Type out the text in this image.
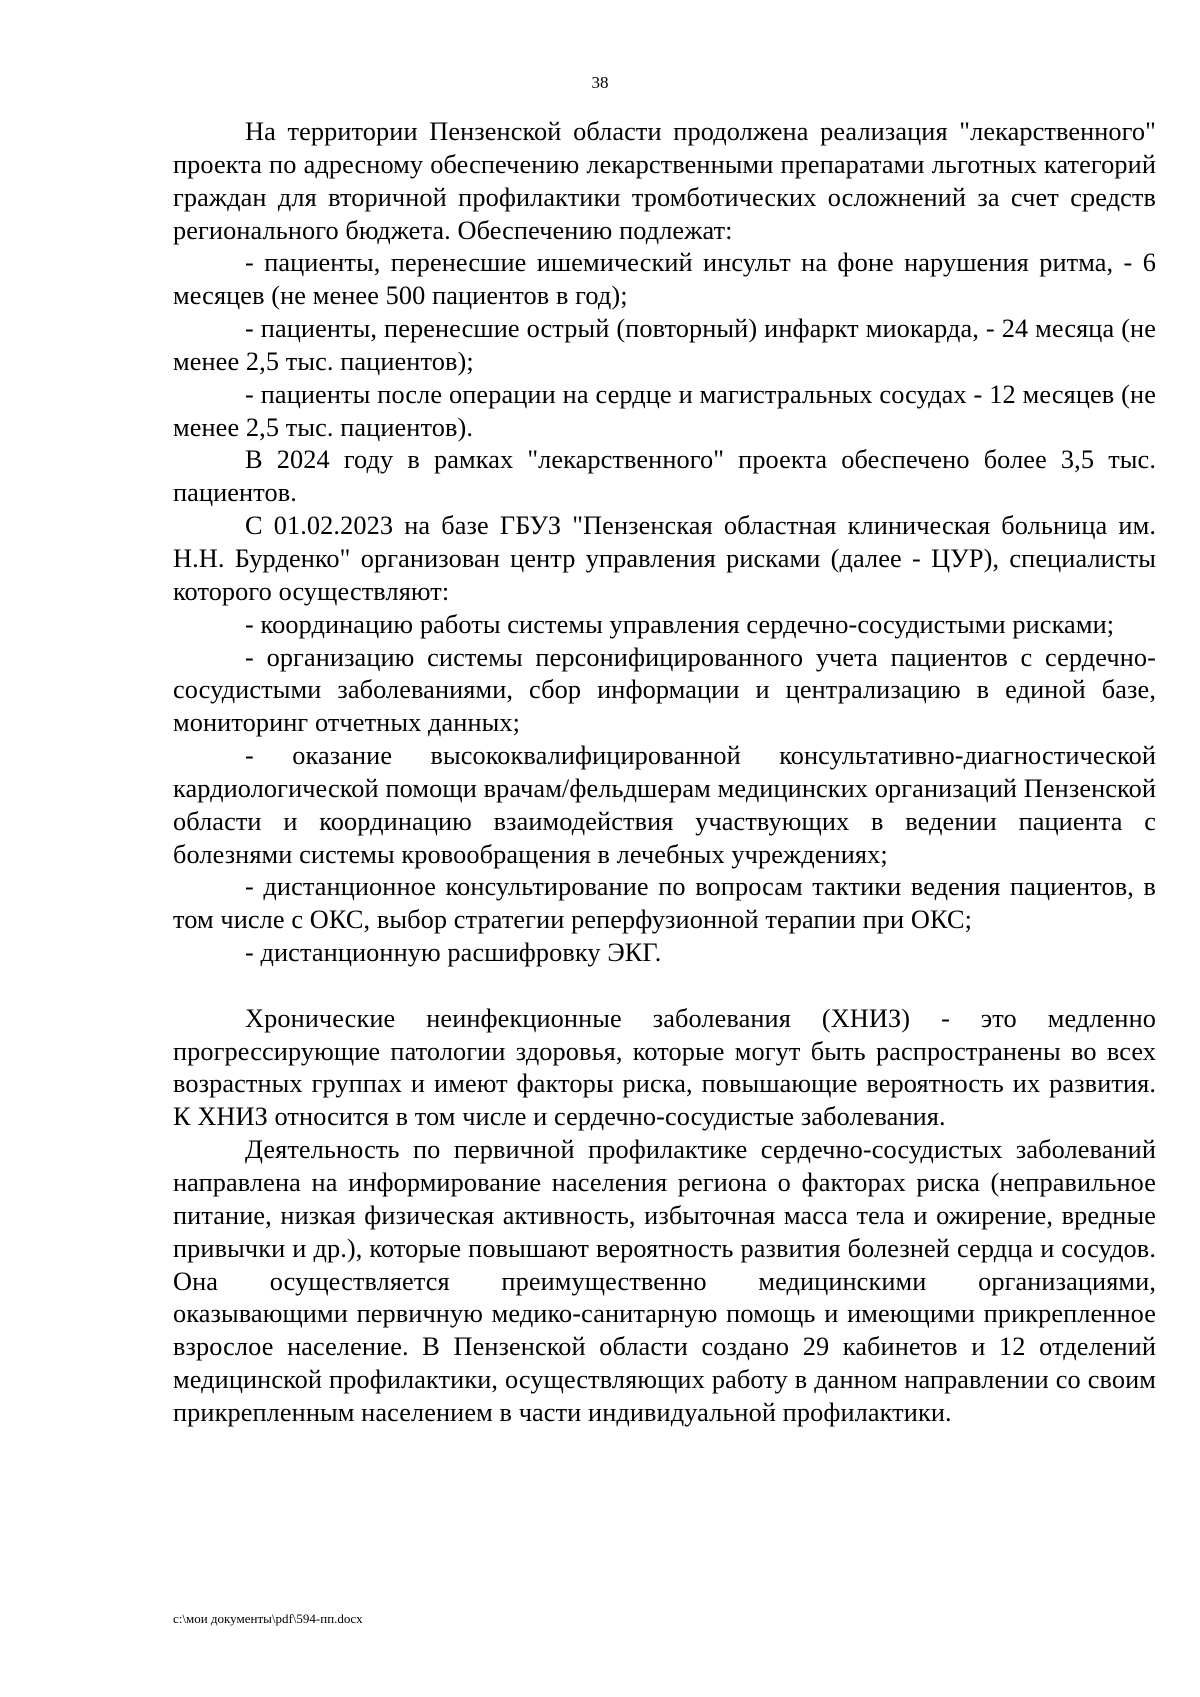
38

На территории Пензенской области продолжена реализация "лекарственного" проекта по адресному обеспечению лекарственными препаратами льготных категорий граждан для вторичной профилактики тромботических осложнений за счет средств регионального бюджета. Обеспечению подлежат:

- пациенты, перенесшие ишемический инсульт на фоне нарушения ритма, - 6 месяцев (не менее 500 пациентов в год);

- пациенты, перенесшие острый (повторный) инфаркт миокарда, - 24 месяца (не менее 2,5 тыс. пациентов);

- пациенты после операции на сердце и магистральных сосудах - 12 месяцев (не менее 2,5 тыс. пациентов).

В 2024 году в рамках "лекарственного" проекта обеспечено более 3,5 тыс. пациентов.

С 01.02.2023 на базе ГБУЗ "Пензенская областная клиническая больница им. Н.Н. Бурденко" организован центр управления рисками (далее - ЦУР), специалисты которого осуществляют:

- координацию работы системы управления сердечно-сосудистыми рисками;

- организацию системы персонифицированного учета пациентов с сердечно-сосудистыми заболеваниями, сбор информации и централизацию в единой базе, мониторинг отчетных данных;

- оказание высококвалифицированной консультативно-диагностической кардиологической помощи врачам/фельдшерам медицинских организаций Пензенской области и координацию взаимодействия участвующих в ведении пациента с болезнями системы кровообращения в лечебных учреждениях;

- дистанционное консультирование по вопросам тактики ведения пациентов, в том числе с ОКС, выбор стратегии реперфузионной терапии при ОКС;

- дистанционную расшифровку ЭКГ.

Хронические неинфекционные заболевания (ХНИЗ) - это медленно прогрессирующие патологии здоровья, которые могут быть распространены во всех возрастных группах и имеют факторы риска, повышающие вероятность их развития. К ХНИЗ относится в том числе и сердечно-сосудистые заболевания.

Деятельность по первичной профилактике сердечно-сосудистых заболеваний направлена на информирование населения региона о факторах риска (неправильное питание, низкая физическая активность, избыточная масса тела и ожирение, вредные привычки и др.), которые повышают вероятность развития болезней сердца и сосудов. Она осуществляется преимущественно медицинскими организациями, оказывающими первичную медико-санитарную помощь и имеющими прикрепленное взрослое население. В Пензенской области создано 29 кабинетов и 12 отделений медицинской профилактики, осуществляющих работу в данном направлении со своим прикрепленным населением в части индивидуальной профилактики.

c:\мои документы\pdf\594-пп.docx
